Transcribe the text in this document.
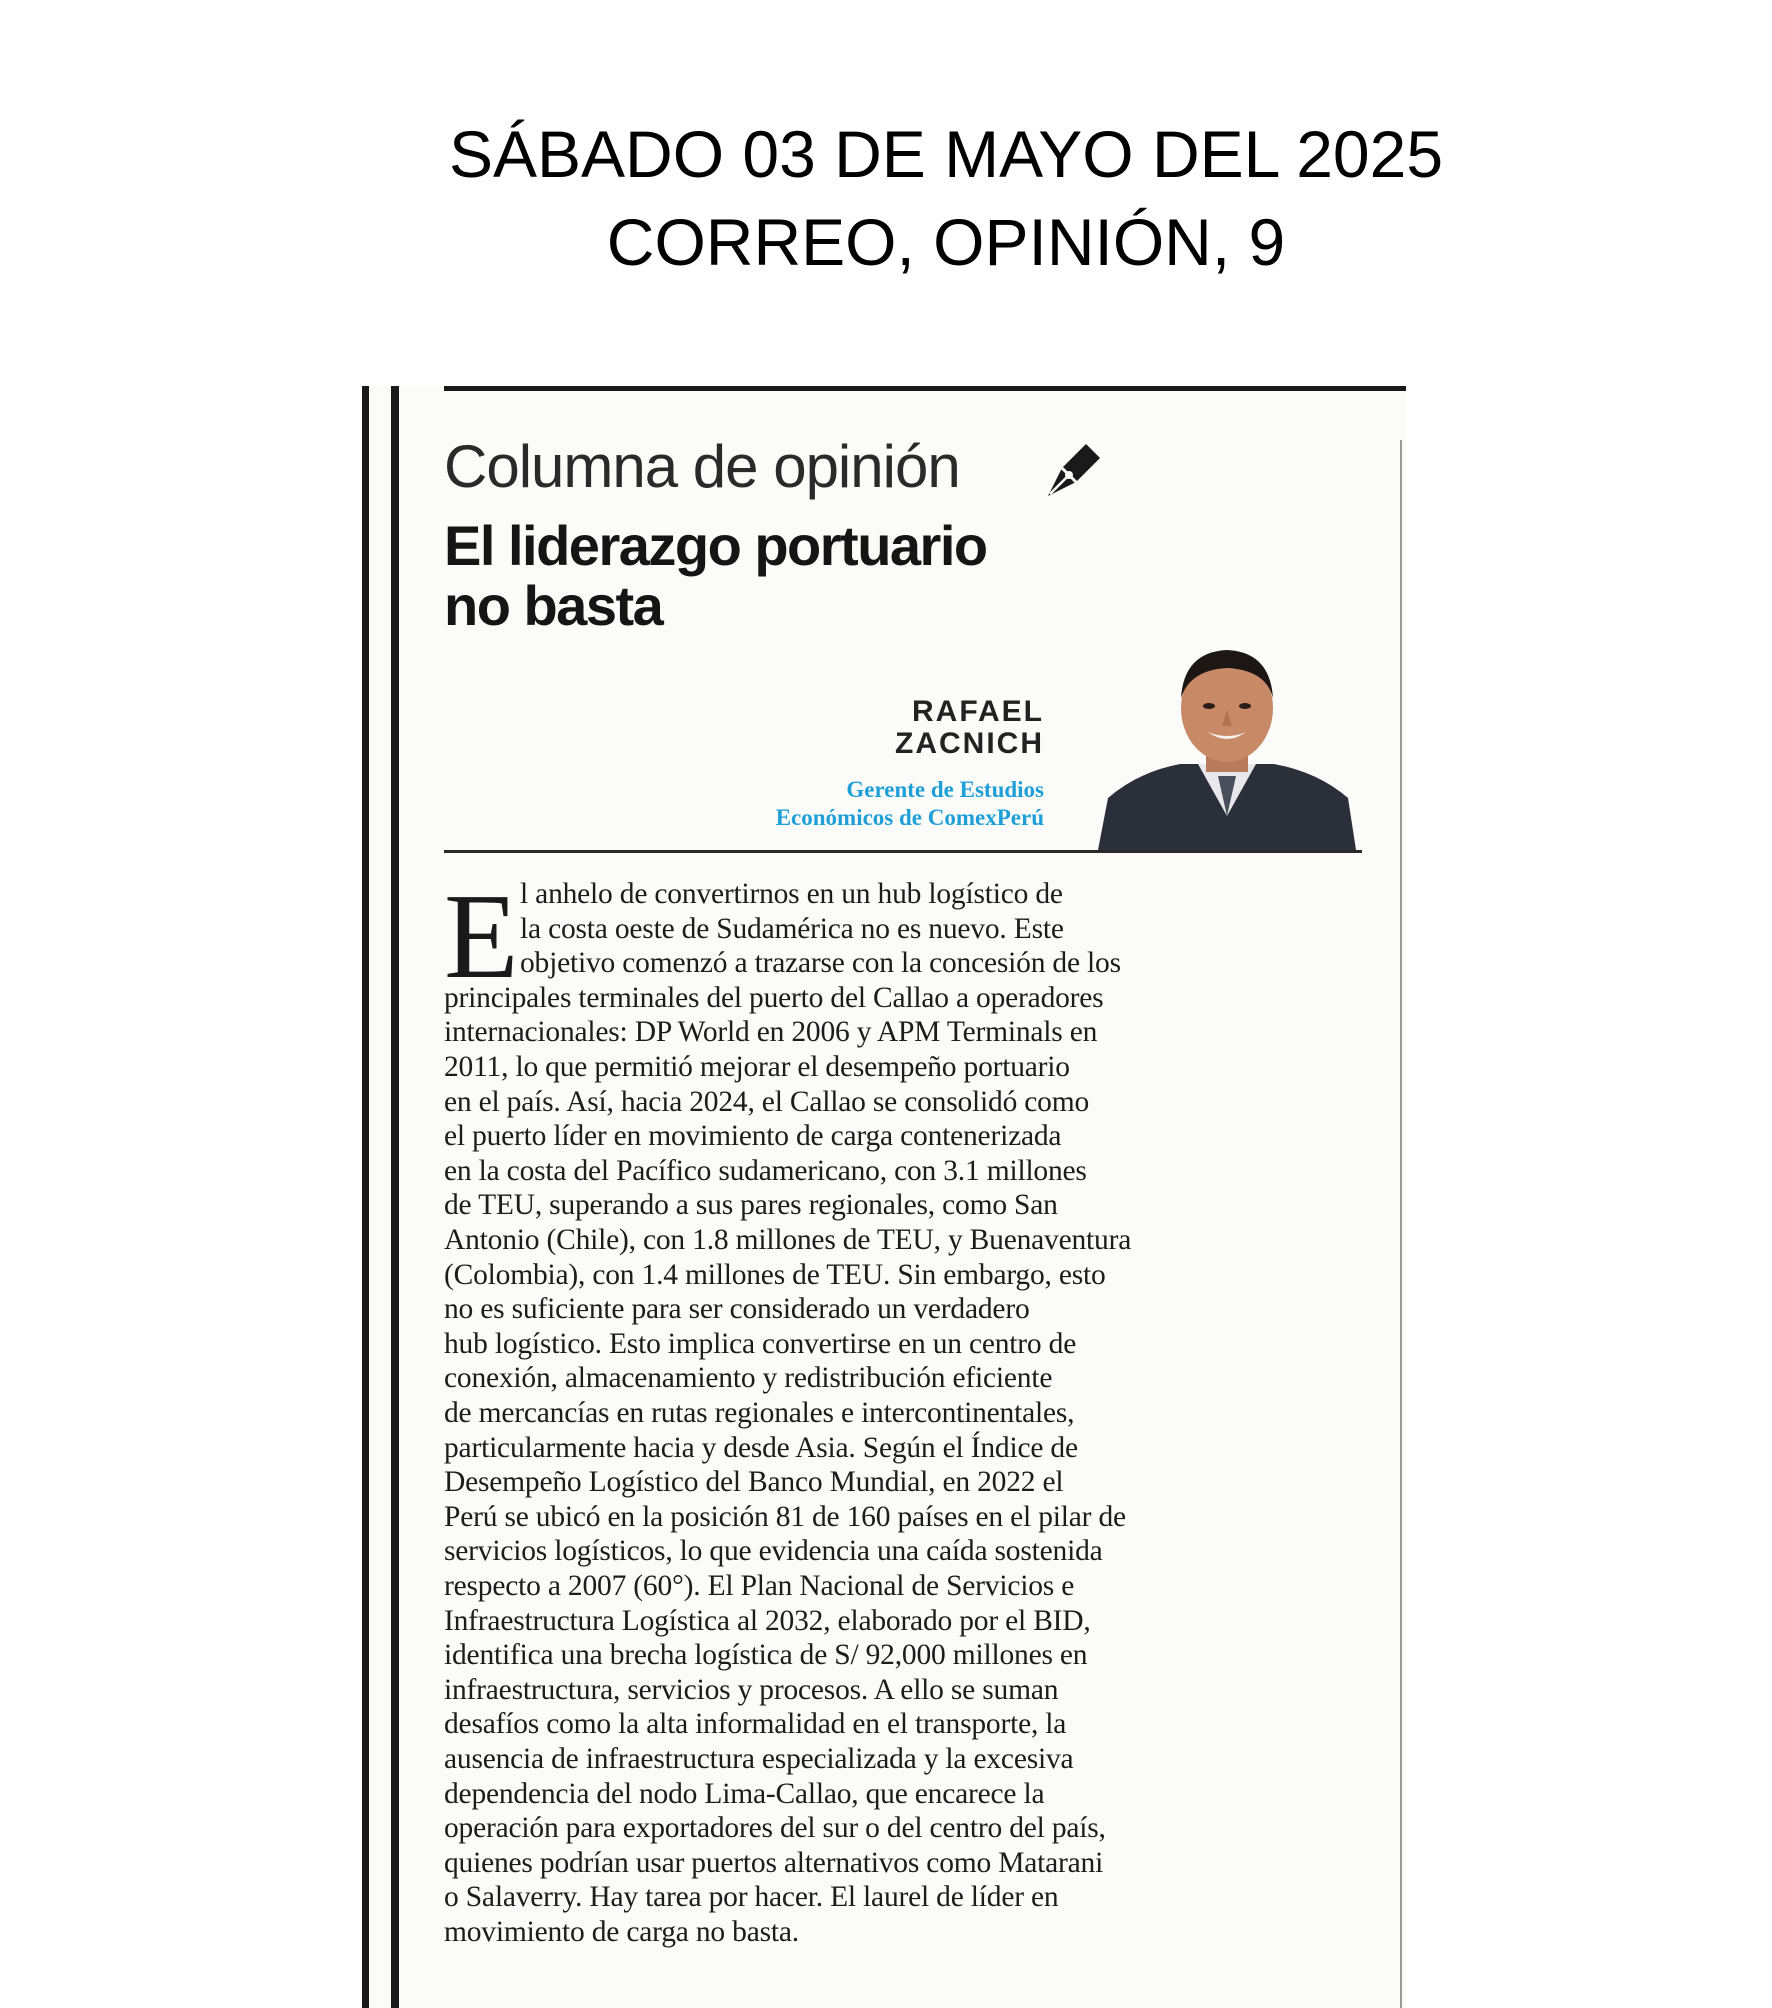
SÁBADO 03 DE MAYO DEL 2025
CORREO, OPINIÓN, 9
Columna de opinión
El liderazgo portuario
no basta
RAFAEL
ZACNICH
Gerente de Estudios
Económicos de ComexPerú
E l anhelo de convertirnos en un hub logístico de
la costa oeste de Sudamérica no es nuevo. Este
objetivo comenzó a trazarse con la concesión de los
principales terminales del puerto del Callao a operadores
internacionales: DP World en 2006 y APM Terminals en
2011, lo que permitió mejorar el desempeño portuario
en el país. Así, hacia 2024, el Callao se consolidó como
el puerto líder en movimiento de carga contenerizada
en la costa del Pacífico sudamericano, con 3.1 millones
de TEU, superando a sus pares regionales, como San
Antonio (Chile), con 1.8 millones de TEU, y Buenaventura
(Colombia), con 1.4 millones de TEU. Sin embargo, esto
no es suficiente para ser considerado un verdadero
hub logístico. Esto implica convertirse en un centro de
conexión, almacenamiento y redistribución eficiente
de mercancías en rutas regionales e intercontinentales,
particularmente hacia y desde Asia. Según el Índice de
Desempeño Logístico del Banco Mundial, en 2022 el
Perú se ubicó en la posición 81 de 160 países en el pilar de
servicios logísticos, lo que evidencia una caída sostenida
respecto a 2007 (60°). El Plan Nacional de Servicios e
Infraestructura Logística al 2032, elaborado por el BID,
identifica una brecha logística de S/ 92,000 millones en
infraestructura, servicios y procesos. A ello se suman
desafíos como la alta informalidad en el transporte, la
ausencia de infraestructura especializada y la excesiva
dependencia del nodo Lima-Callao, que encarece la
operación para exportadores del sur o del centro del país,
quienes podrían usar puertos alternativos como Matarani
o Salaverry. Hay tarea por hacer. El laurel de líder en
movimiento de carga no basta.
